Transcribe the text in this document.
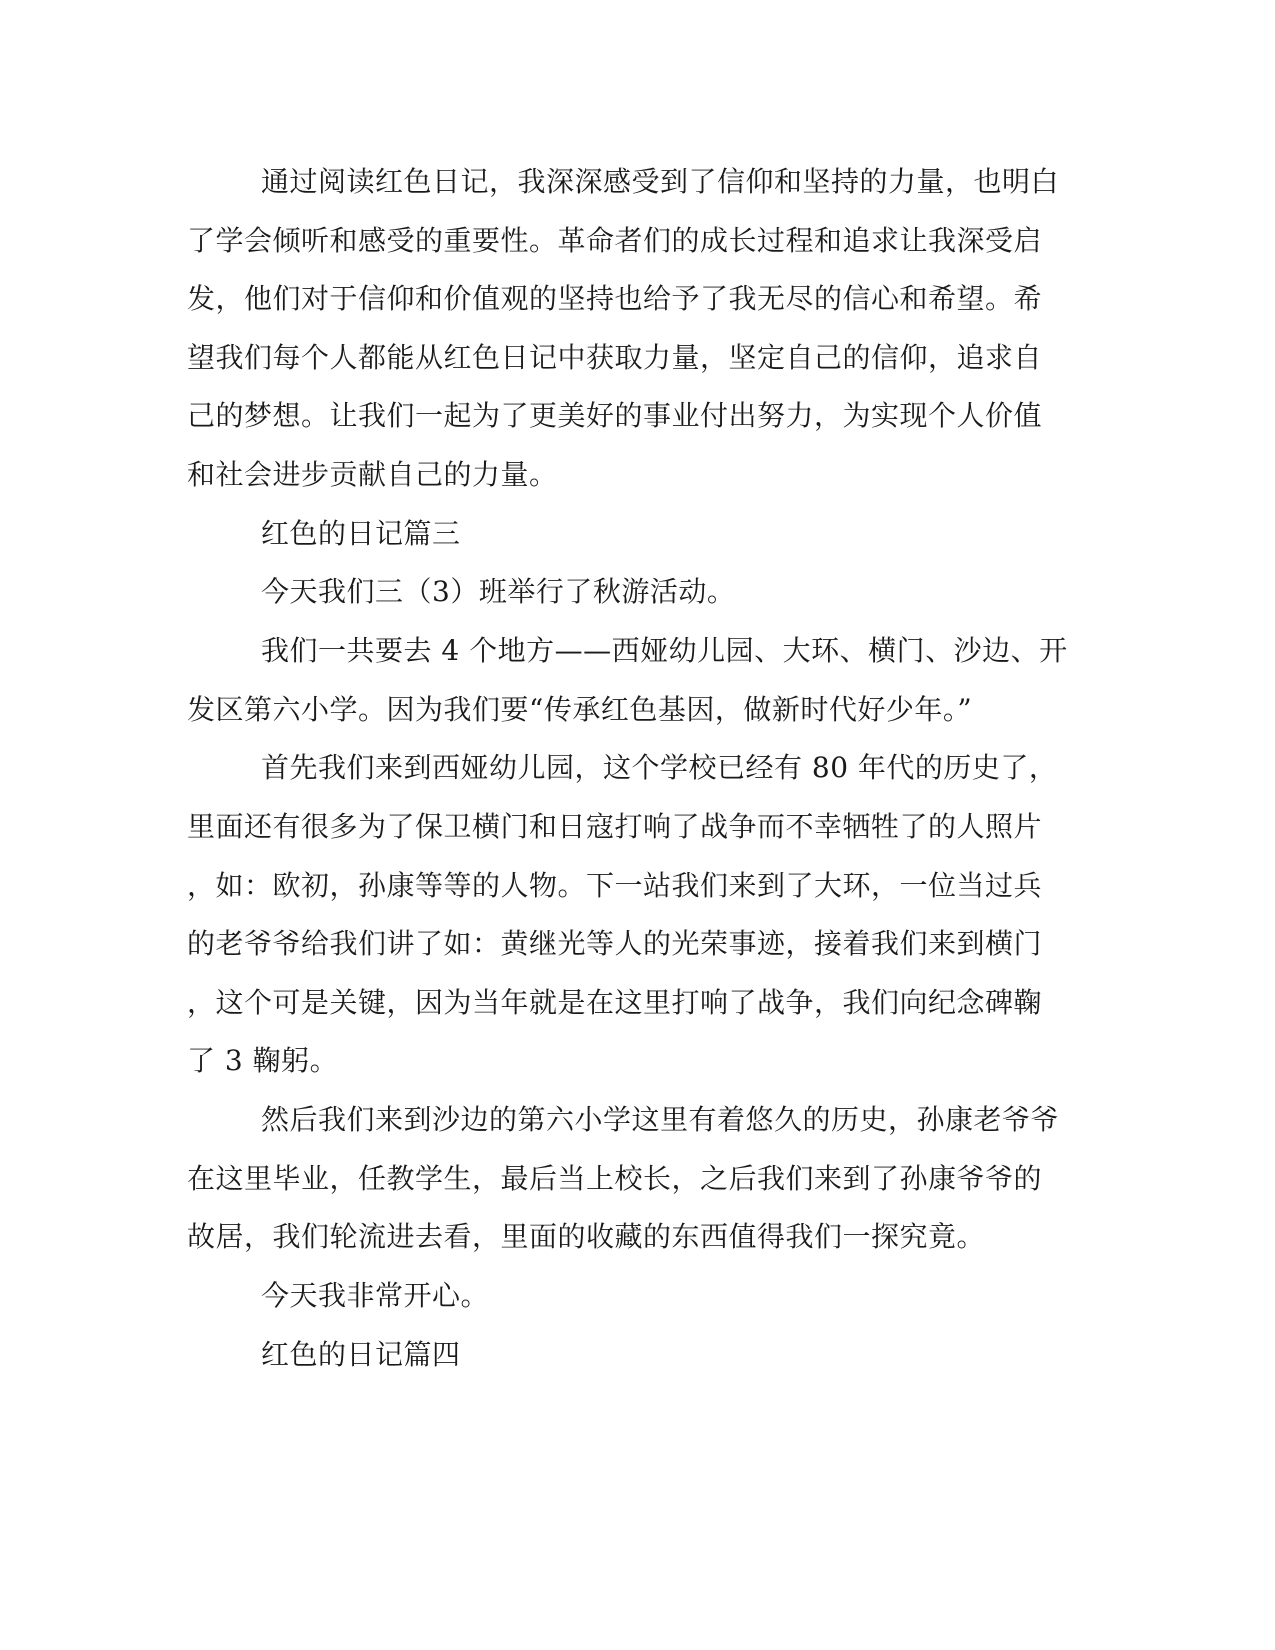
通过阅读红色日记，我深深感受到了信仰和坚持的力量，也明白
了学会倾听和感受的重要性。革命者们的成长过程和追求让我深受启
发，他们对于信仰和价值观的坚持也给予了我无尽的信心和希望。希
望我们每个人都能从红色日记中获取力量，坚定自己的信仰，追求自
己的梦想。让我们一起为了更美好的事业付出努力，为实现个人价值
和社会进步贡献自己的力量。
红色的日记篇三
今天我们三（3）班举行了秋游活动。
我们一共要去 4 个地方——西娅幼儿园、大环、横门、沙边、开
发区第六小学。因为我们要“传承红色基因，做新时代好少年。”
首先我们来到西娅幼儿园，这个学校已经有 80 年代的历史了，
里面还有很多为了保卫横门和日寇打响了战争而不幸牺牲了的人照片
，如：欧初，孙康等等的人物。下一站我们来到了大环，一位当过兵
的老爷爷给我们讲了如：黄继光等人的光荣事迹，接着我们来到横门
，这个可是关键，因为当年就是在这里打响了战争，我们向纪念碑鞠
了 3 鞠躬。
然后我们来到沙边的第六小学这里有着悠久的历史，孙康老爷爷
在这里毕业，任教学生，最后当上校长，之后我们来到了孙康爷爷的
故居，我们轮流进去看，里面的收藏的东西值得我们一探究竟。
今天我非常开心。
红色的日记篇四
